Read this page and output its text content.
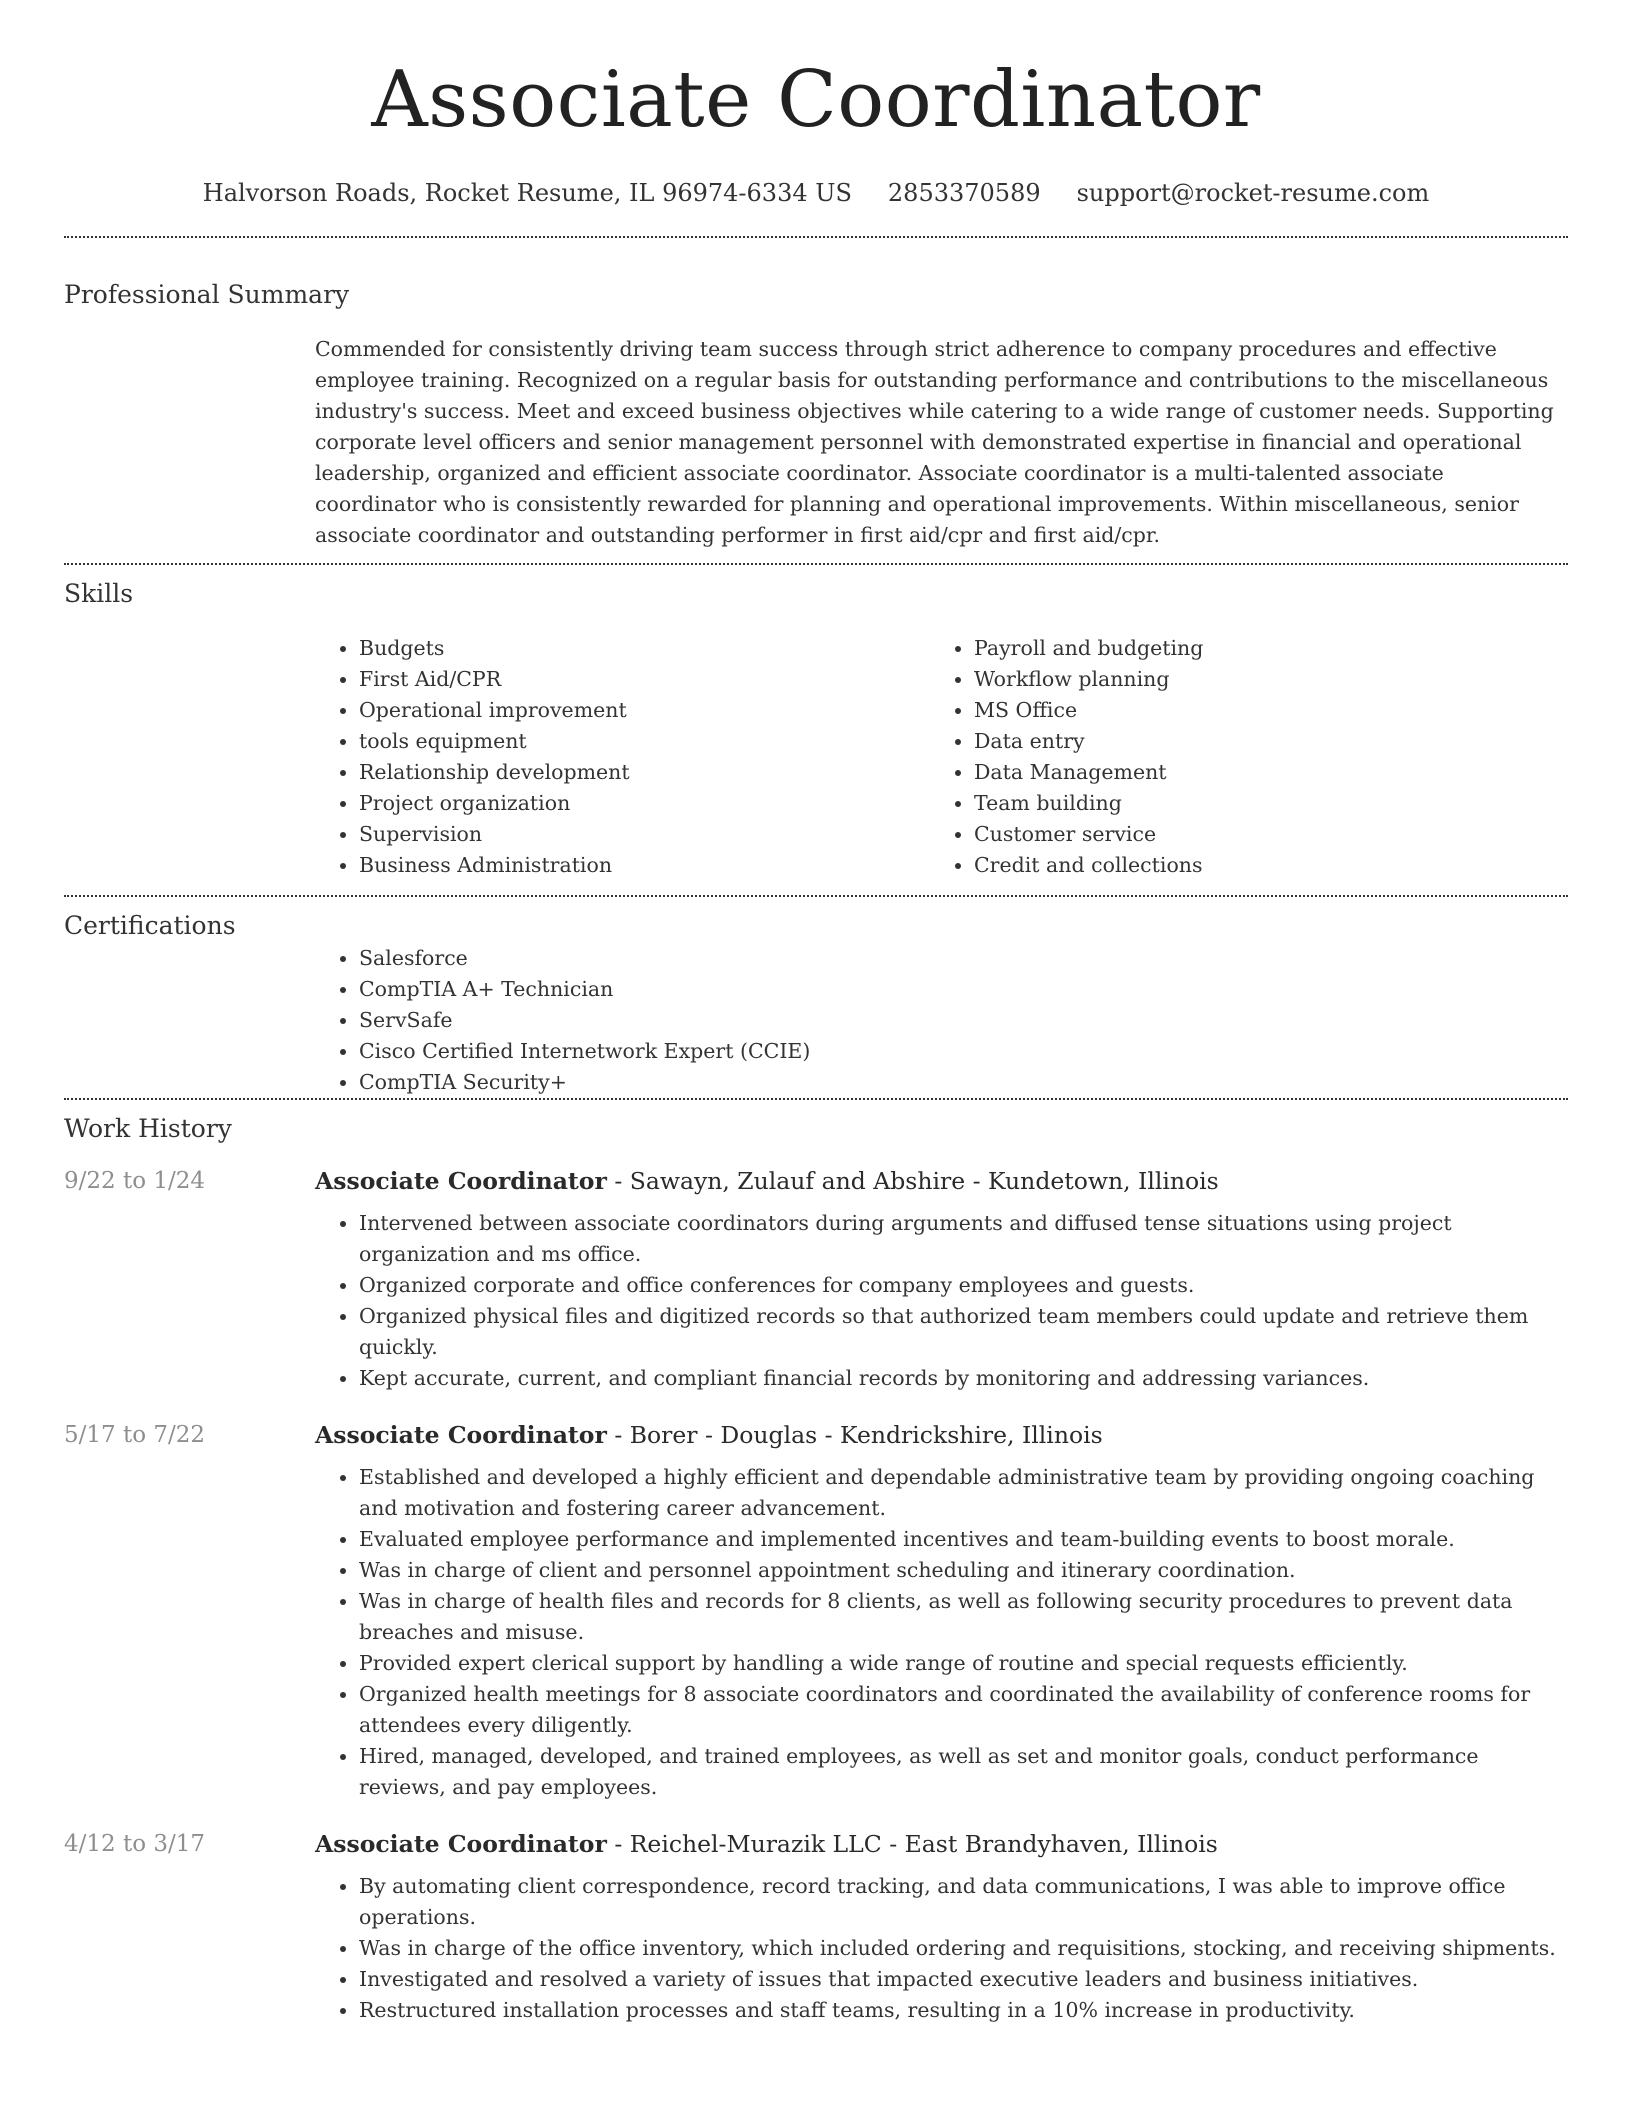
Associate Coordinator
Halvorson Roads, Rocket Resume, IL 96974-6334 US 2853370589 support@rocket-resume.com
Professional Summary

Commended for consistently driving team success through strict adherence to company procedures and effective employee training. Recognized on a regular basis for outstanding performance and contributions to the miscellaneous industry's success. Meet and exceed business objectives while catering to a wide range of customer needs. Supporting corporate level officers and senior management personnel with demonstrated expertise in financial and operational leadership, organized and efficient associate coordinator. Associate coordinator is a multi-talented associate coordinator who is consistently rewarded for planning and operational improvements. Within miscellaneous, senior associate coordinator and outstanding performer in first aid/cpr and first aid/cpr.

Skills
• Budgets
• First Aid/CPR
• Operational improvement
• tools equipment
• Relationship development
• Project organization
• Supervision
• Business Administration
• Payroll and budgeting
• Workflow planning
• MS Office
• Data entry
• Data Management
• Team building
• Customer service
• Credit and collections
Certifications
• Salesforce
• CompTIA A+ Technician
• ServSafe
• Cisco Certified Internetwork Expert (CCIE)
• CompTIA Security+
Work History
9/22 to 1/24	Associate Coordinator - Sawayn, Zulauf and Abshire - Kundetown, Illinois
• Intervened between associate coordinators during arguments and diffused tense situations using project organization and ms office.
• Organized corporate and office conferences for company employees and guests.
• Organized physical files and digitized records so that authorized team members could update and retrieve them quickly.
• Kept accurate, current, and compliant financial records by monitoring and addressing variances.
5/17 to 7/22	Associate Coordinator - Borer - Douglas - Kendrickshire, Illinois
• Established and developed a highly efficient and dependable administrative team by providing ongoing coaching and motivation and fostering career advancement.
• Evaluated employee performance and implemented incentives and team-building events to boost morale.
• Was in charge of client and personnel appointment scheduling and itinerary coordination.
• Was in charge of health files and records for 8 clients, as well as following security procedures to prevent data breaches and misuse.
• Provided expert clerical support by handling a wide range of routine and special requests efficiently.
• Organized health meetings for 8 associate coordinators and coordinated the availability of conference rooms for attendees every diligently.
• Hired, managed, developed, and trained employees, as well as set and monitor goals, conduct performance reviews, and pay employees.
4/12 to 3/17	Associate Coordinator - Reichel-Murazik LLC - East Brandyhaven, Illinois
• By automating client correspondence, record tracking, and data communications, I was able to improve office operations.
• Was in charge of the office inventory, which included ordering and requisitions, stocking, and receiving shipments.
• Investigated and resolved a variety of issues that impacted executive leaders and business initiatives.
• Restructured installation processes and staff teams, resulting in a 10% increase in productivity.
